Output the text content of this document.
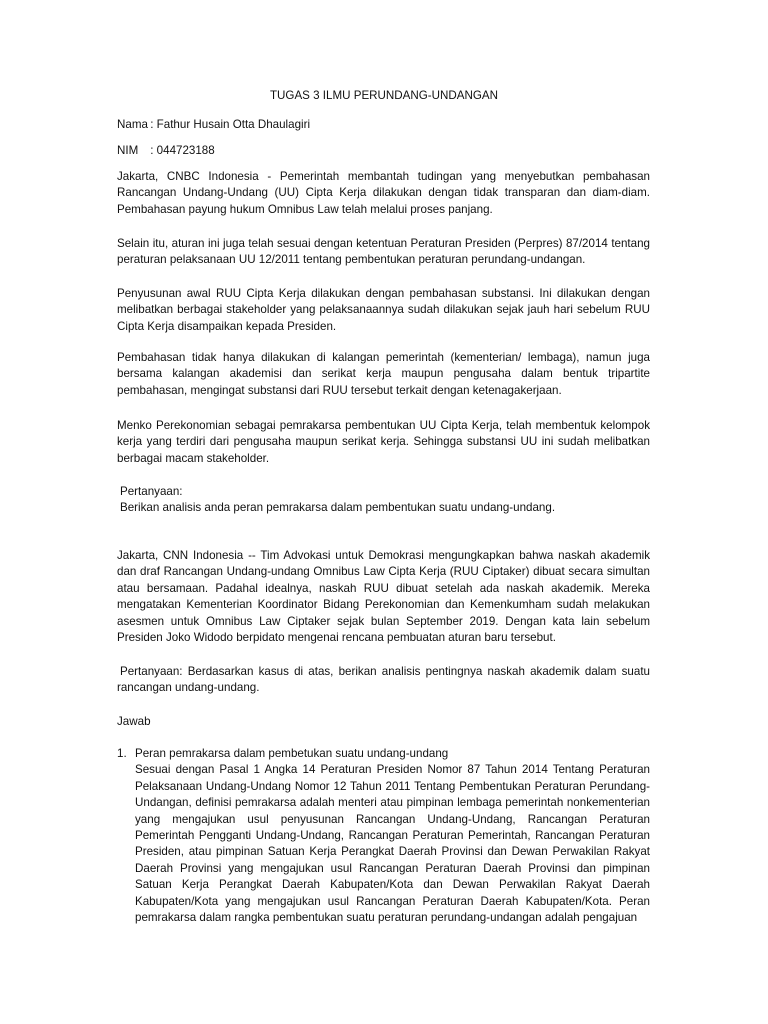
TUGAS 3 ILMU PERUNDANG-UNDANGAN
Nama : Fathur Husain Otta Dhaulagiri
NIM : 044723188
Jakarta, CNBC Indonesia - Pemerintah membantah tudingan yang menyebutkan pembahasan Rancangan Undang-Undang (UU) Cipta Kerja dilakukan dengan tidak transparan dan diam-diam. Pembahasan payung hukum Omnibus Law telah melalui proses panjang.
Selain itu, aturan ini juga telah sesuai dengan ketentuan Peraturan Presiden (Perpres) 87/2014 tentang peraturan pelaksanaan UU 12/2011 tentang pembentukan peraturan perundang-undangan.
Penyusunan awal RUU Cipta Kerja dilakukan dengan pembahasan substansi. Ini dilakukan dengan melibatkan berbagai stakeholder yang pelaksanaannya sudah dilakukan sejak jauh hari sebelum RUU Cipta Kerja disampaikan kepada Presiden.
Pembahasan tidak hanya dilakukan di kalangan pemerintah (kementerian/ lembaga), namun juga bersama kalangan akademisi dan serikat kerja maupun pengusaha dalam bentuk tripartite pembahasan, mengingat substansi dari RUU tersebut terkait dengan ketenagakerjaan.
Menko Perekonomian sebagai pemrakarsa pembentukan UU Cipta Kerja, telah membentuk kelompok kerja yang terdiri dari pengusaha maupun serikat kerja. Sehingga substansi UU ini sudah melibatkan berbagai macam stakeholder.
Pertanyaan:
Berikan analisis anda peran pemrakarsa dalam pembentukan suatu undang-undang.
Jakarta, CNN Indonesia -- Tim Advokasi untuk Demokrasi mengungkapkan bahwa naskah akademik dan draf Rancangan Undang-undang Omnibus Law Cipta Kerja (RUU Ciptaker) dibuat secara simultan atau bersamaan. Padahal idealnya, naskah RUU dibuat setelah ada naskah akademik. Mereka mengatakan Kementerian Koordinator Bidang Perekonomian dan Kemenkumham sudah melakukan asesmen untuk Omnibus Law Ciptaker sejak bulan September 2019. Dengan kata lain sebelum Presiden Joko Widodo berpidato mengenai rencana pembuatan aturan baru tersebut.
Pertanyaan: Berdasarkan kasus di atas, berikan analisis pentingnya naskah akademik dalam suatu rancangan undang-undang.
Jawab
1. Peran pemrakarsa dalam pembetukan suatu undang-undang

Sesuai dengan Pasal 1 Angka 14 Peraturan Presiden Nomor 87 Tahun 2014 Tentang Peraturan Pelaksanaan Undang-Undang Nomor 12 Tahun 2011 Tentang Pembentukan Peraturan Perundang-Undangan, definisi pemrakarsa adalah menteri atau pimpinan lembaga pemerintah nonkementerian yang mengajukan usul penyusunan Rancangan Undang-Undang, Rancangan Peraturan Pemerintah Pengganti Undang-Undang, Rancangan Peraturan Pemerintah, Rancangan Peraturan Presiden, atau pimpinan Satuan Kerja Perangkat Daerah Provinsi dan Dewan Perwakilan Rakyat Daerah Provinsi yang mengajukan usul Rancangan Peraturan Daerah Provinsi dan pimpinan Satuan Kerja Perangkat Daerah Kabupaten/Kota dan Dewan Perwakilan Rakyat Daerah Kabupaten/Kota yang mengajukan usul Rancangan Peraturan Daerah Kabupaten/Kota. Peran pemrakarsa dalam rangka pembentukan suatu peraturan perundang-undangan adalah pengajuan
